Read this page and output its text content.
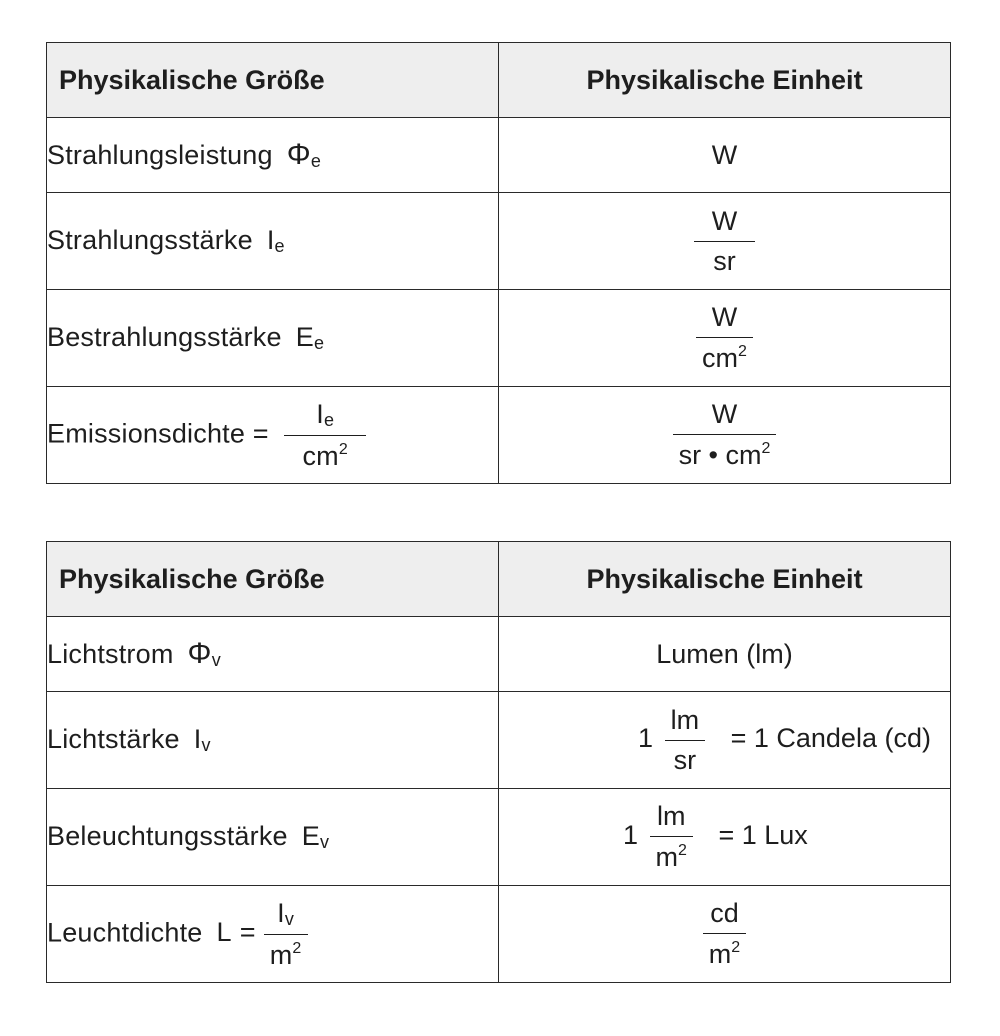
Physikalische Größe	Physikalische Einheit
Strahlungsleistung Φe	W
Strahlungsstärke Ie	$\frac{W}{sr}$

Bestrahlungsstärke Ee	$\frac{W}{cm^2}$

Emissionsdichte = $\frac{Ie}{cm^2}$	$\frac{W}{sr • cm^2}$
Physikalische Größe	Physikalische Einheit
Lichtstrom Φv	Lumen (lm)
Lichtstärke Iv	$1 \frac{lm}{sr} = 1$ Candela (cd)
Beleuchtungsstärke Ev	$1 \frac{lm}{m^2} = 1$ Lux
Leuchtdichte $L = \frac{Iv}{m^2}$	$\frac{cd}{m^2}$
